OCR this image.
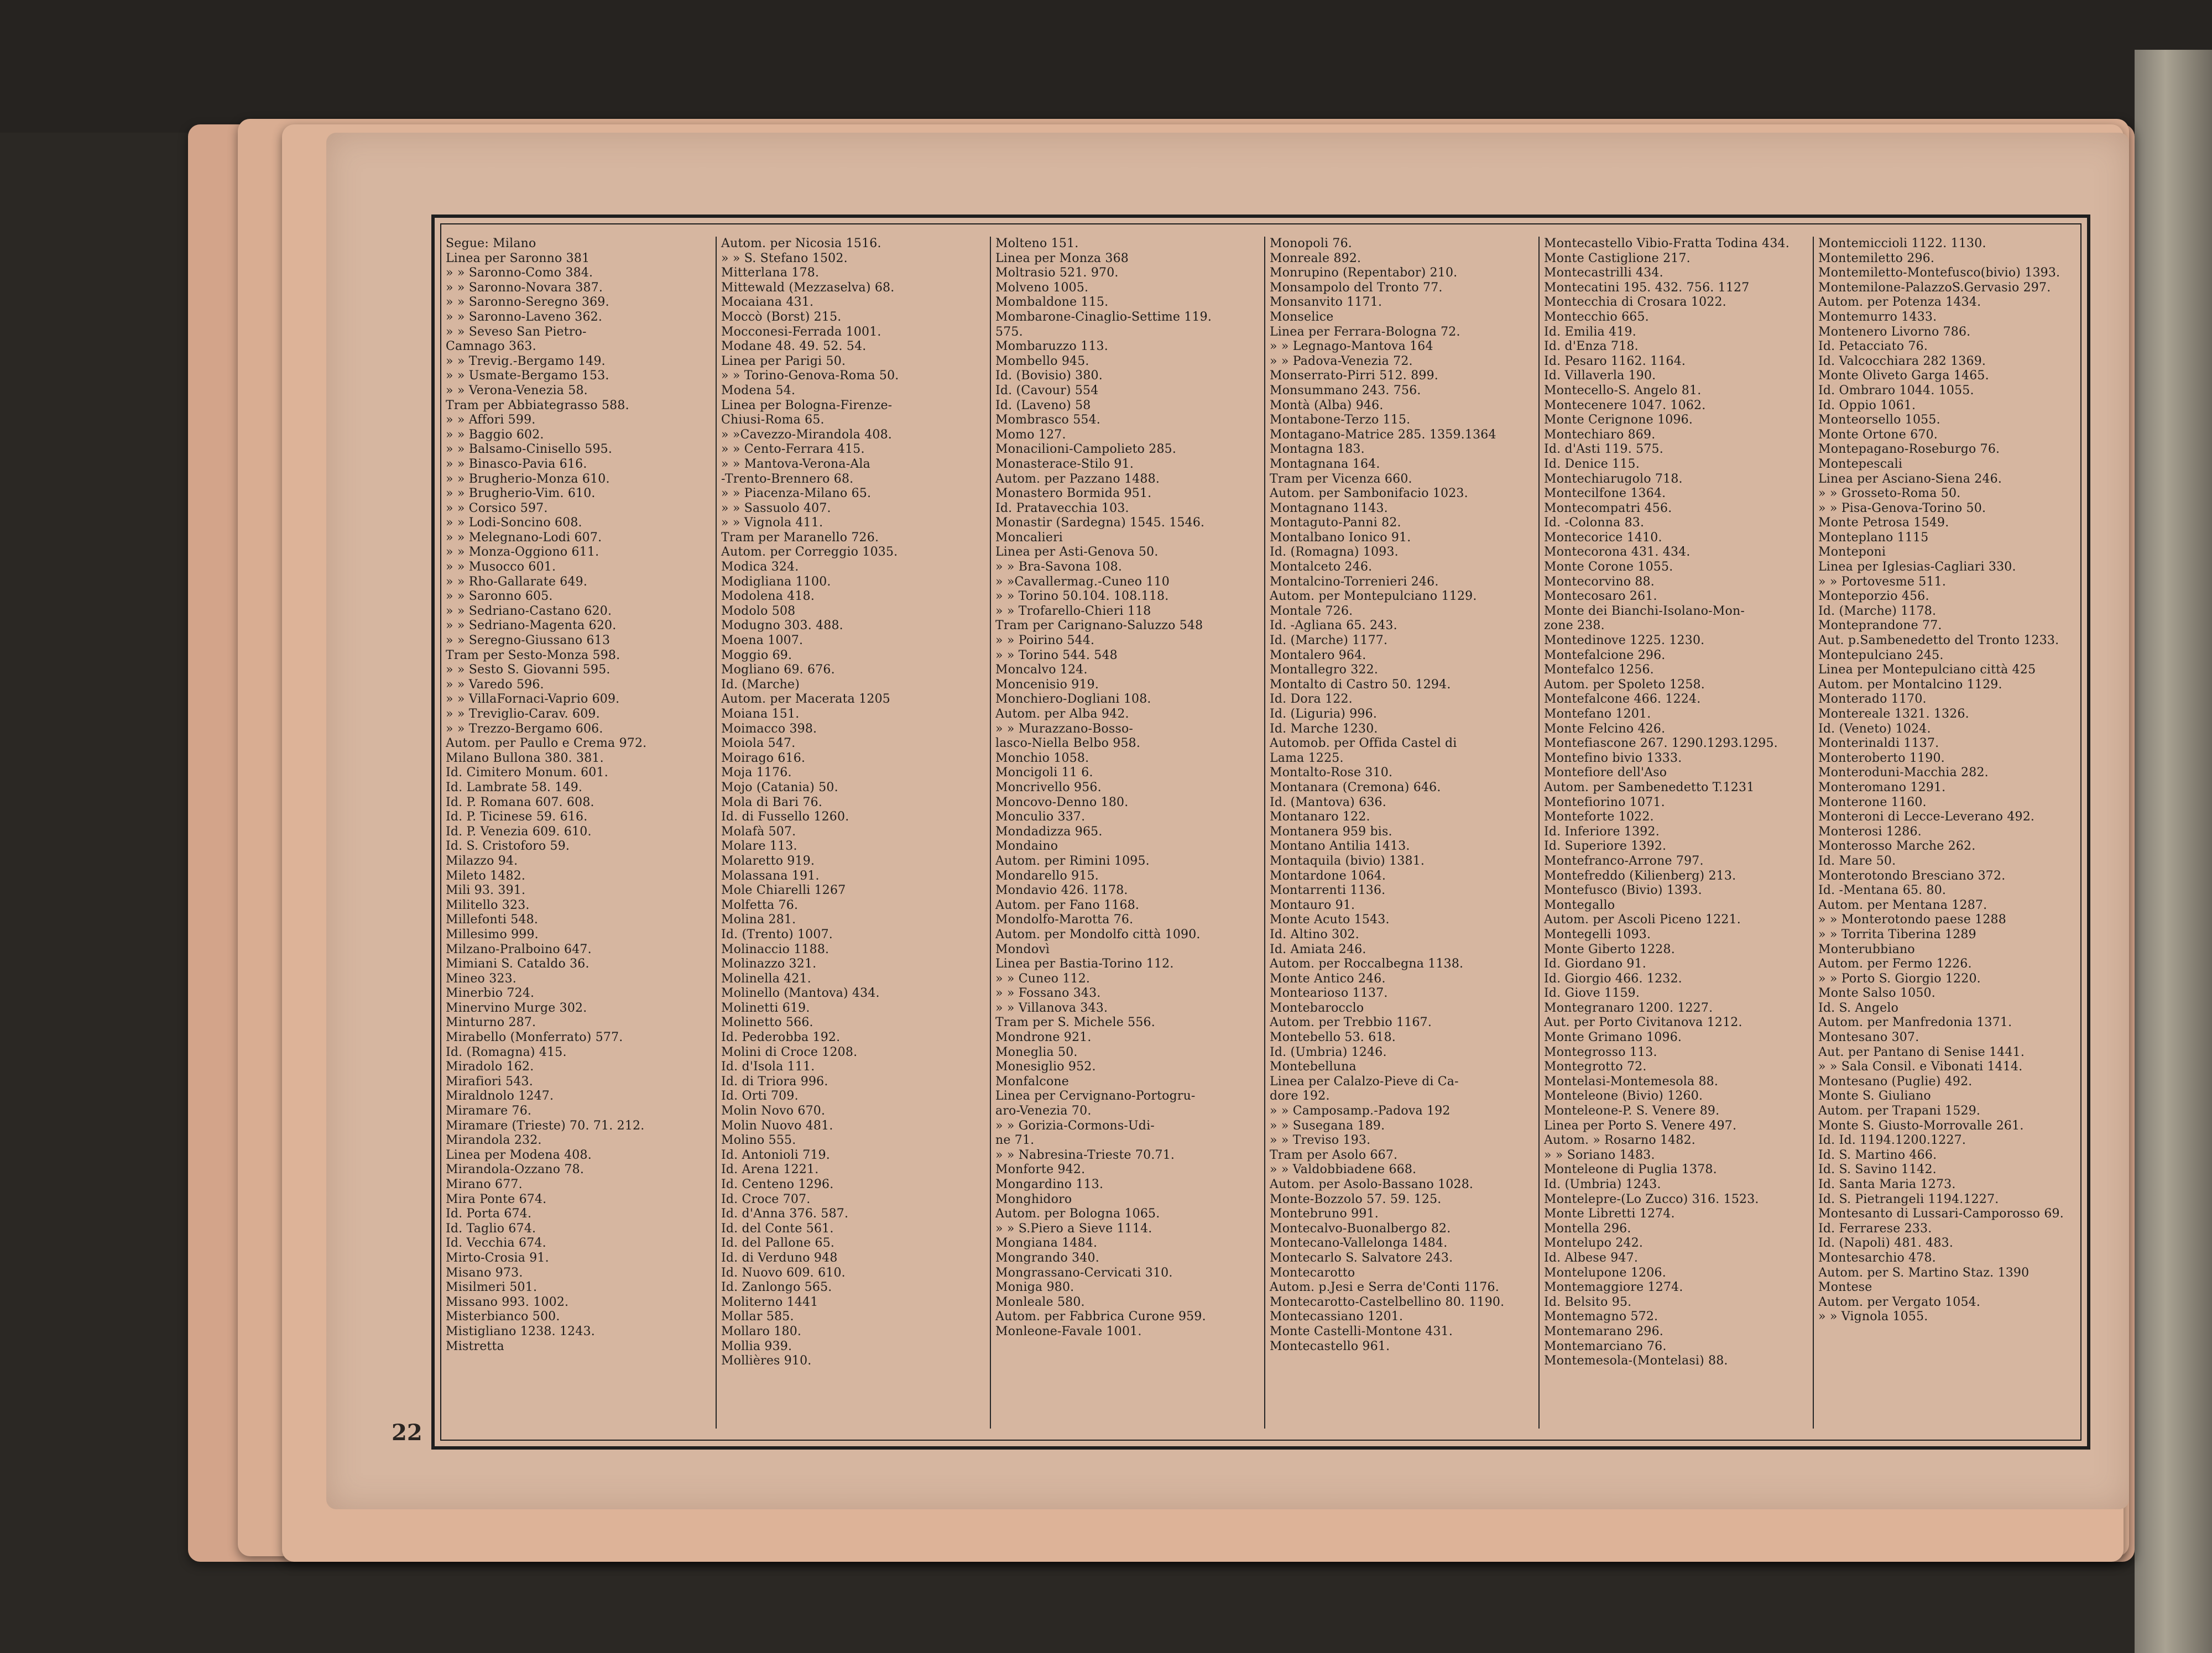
22
Segue: Milano
Linea per Saronno 381
» » Saronno-Como 384.
» » Saronno-Novara 387.
» » Saronno-Seregno 369.
» » Saronno-Laveno 362.
» » Seveso San Pietro-
Camnago 363.
» » Trevig.-Bergamo 149.
» » Usmate-Bergamo 153.
» » Verona-Venezia 58.
Tram per Abbiategrasso 588.
» » Affori 599.
» » Baggio 602.
» » Balsamo-Cinisello 595.
» » Binasco-Pavia 616.
» » Brugherio-Monza 610.
» » Brugherio-Vim. 610.
» » Corsico 597.
» » Lodi-Soncino 608.
» » Melegnano-Lodi 607.
» » Monza-Oggiono 611.
» » Musocco 601.
» » Rho-Gallarate 649.
» » Saronno 605.
» » Sedriano-Castano 620.
» » Sedriano-Magenta 620.
» » Seregno-Giussano 613
Tram per Sesto-Monza 598.
» » Sesto S. Giovanni 595.
» » Varedo 596.
» » VillaFornaci-Vaprio 609.
» » Treviglio-Carav. 609.
» » Trezzo-Bergamo 606.
Autom. per Paullo e Crema 972.
Milano Bullona 380. 381.
Id. Cimitero Monum. 601.
Id. Lambrate 58. 149.
Id. P. Romana 607. 608.
Id. P. Ticinese 59. 616.
Id. P. Venezia 609. 610.
Id. S. Cristoforo 59.
Milazzo 94.
Mileto 1482.
Mili 93. 391.
Militello 323.
Millefonti 548.
Millesimo 999.
Milzano-Pralboino 647.
Mimiani S. Cataldo 36.
Mineo 323.
Minerbio 724.
Minervino Murge 302.
Minturno 287.
Mirabello (Monferrato) 577.
Id. (Romagna) 415.
Miradolo 162.
Mirafiori 543.
Miraldnolo 1247.
Miramare 76.
Miramare (Trieste) 70. 71. 212.
Mirandola 232.
Linea per Modena 408.
Mirandola-Ozzano 78.
Mirano 677.
Mira Ponte 674.
Id. Porta 674.
Id. Taglio 674.
Id. Vecchia 674.
Mirto-Crosia 91.
Misano 973.
Misilmeri 501.
Missano 993. 1002.
Misterbianco 500.
Mistigliano 1238. 1243.
Mistretta
Autom. per Nicosia 1516.
» » S. Stefano 1502.
Mitterlana 178.
Mittewald (Mezzaselva) 68.
Mocaiana 431.
Moccò (Borst) 215.
Mocconesi-Ferrada 1001.
Modane 48. 49. 52. 54.
Linea per Parigi 50.
» » Torino-Genova-Roma 50.
Modena 54.
Linea per Bologna-Firenze-
Chiusi-Roma 65.
» »Cavezzo-Mirandola 408.
» » Cento-Ferrara 415.
» » Mantova-Verona-Ala
-Trento-Brennero 68.
» » Piacenza-Milano 65.
» » Sassuolo 407.
» » Vignola 411.
Tram per Maranello 726.
Autom. per Correggio 1035.
Modica 324.
Modigliana 1100.
Modolena 418.
Modolo 508
Modugno 303. 488.
Moena 1007.
Moggio 69.
Mogliano 69. 676.
Id. (Marche)
Autom. per Macerata 1205
Moiana 151.
Moimacco 398.
Moiola 547.
Moirago 616.
Moja 1176.
Mojo (Catania) 50.
Mola di Bari 76.
Id. di Fussello 1260.
Molafà 507.
Molare 113.
Molaretto 919.
Molassana 191.
Mole Chiarelli 1267
Molfetta 76.
Molina 281.
Id. (Trento) 1007.
Molinaccio 1188.
Molinazzo 321.
Molinella 421.
Molinello (Mantova) 434.
Molinetti 619.
Molinetto 566.
Id. Pederobba 192.
Molini di Croce 1208.
Id. d'Isola 111.
Id. di Triora 996.
Id. Orti 709.
Molin Novo 670.
Molin Nuovo 481.
Molino 555.
Id. Antonioli 719.
Id. Arena 1221.
Id. Centeno 1296.
Id. Croce 707.
Id. d'Anna 376. 587.
Id. del Conte 561.
Id. del Pallone 65.
Id. di Verduno 948
Id. Nuovo 609. 610.
Id. Zanlongo 565.
Moliterno 1441
Mollar 585.
Mollaro 180.
Mollia 939.
Mollières 910.
Molteno 151.
Linea per Monza 368
Moltrasio 521. 970.
Molveno 1005.
Mombaldone 115.
Mombarone-Cinaglio-Settime 119.
575.
Mombaruzzo 113.
Mombello 945.
Id. (Bovisio) 380.
Id. (Cavour) 554
Id. (Laveno) 58
Mombrasco 554.
Momo 127.
Monacilioni-Campolieto 285.
Monasterace-Stilo 91.
Autom. per Pazzano 1488.
Monastero Bormida 951.
Id. Pratavecchia 103.
Monastir (Sardegna) 1545. 1546.
Moncalieri
Linea per Asti-Genova 50.
» » Bra-Savona 108.
» »Cavallermag.-Cuneo 110
» » Torino 50.104. 108.118.
» » Trofarello-Chieri 118
Tram per Carignano-Saluzzo 548
» » Poirino 544.
» » Torino 544. 548
Moncalvo 124.
Moncenisio 919.
Monchiero-Dogliani 108.
Autom. per Alba 942.
» » Murazzano-Bosso-
lasco-Niella Belbo 958.
Monchio 1058.
Moncigoli 11 6.
Moncrivello 956.
Moncovo-Denno 180.
Monculio 337.
Mondadizza 965.
Mondaino
Autom. per Rimini 1095.
Mondarello 915.
Mondavio 426. 1178.
Autom. per Fano 1168.
Mondolfo-Marotta 76.
Autom. per Mondolfo città 1090.
Mondovì
Linea per Bastia-Torino 112.
» » Cuneo 112.
» » Fossano 343.
» » Villanova 343.
Tram per S. Michele 556.
Mondrone 921.
Moneglia 50.
Monesiglio 952.
Monfalcone
Linea per Cervignano-Portogru-
aro-Venezia 70.
» » Gorizia-Cormons-Udi-
ne 71.
» » Nabresina-Trieste 70.71.
Monforte 942.
Mongardino 113.
Monghidoro
Autom. per Bologna 1065.
» » S.Piero a Sieve 1114.
Mongiana 1484.
Mongrando 340.
Mongrassano-Cervicati 310.
Moniga 980.
Monleale 580.
Autom. per Fabbrica Curone 959.
Monleone-Favale 1001.
Monopoli 76.
Monreale 892.
Monrupino (Repentabor) 210.
Monsampolo del Tronto 77.
Monsanvito 1171.
Monselice
Linea per Ferrara-Bologna 72.
» » Legnago-Mantova 164
» » Padova-Venezia 72.
Monserrato-Pirri 512. 899.
Monsummano 243. 756.
Montà (Alba) 946.
Montabone-Terzo 115.
Montagano-Matrice 285. 1359.1364
Montagna 183.
Montagnana 164.
Tram per Vicenza 660.
Autom. per Sambonifacio 1023.
Montagnano 1143.
Montaguto-Panni 82.
Montalbano Ionico 91.
Id. (Romagna) 1093.
Montalceto 246.
Montalcino-Torrenieri 246.
Autom. per Montepulciano 1129.
Montale 726.
Id. -Agliana 65. 243.
Id. (Marche) 1177.
Montalero 964.
Montallegro 322.
Montalto di Castro 50. 1294.
Id. Dora 122.
Id. (Liguria) 996.
Id. Marche 1230.
Automob. per Offida Castel di
Lama 1225.
Montalto-Rose 310.
Montanara (Cremona) 646.
Id. (Mantova) 636.
Montanaro 122.
Montanera 959 bis.
Montano Antilia 1413.
Montaquila (bivio) 1381.
Montardone 1064.
Montarrenti 1136.
Montauro 91.
Monte Acuto 1543.
Id. Altino 302.
Id. Amiata 246.
Autom. per Roccalbegna 1138.
Monte Antico 246.
Montearioso 1137.
Montebarocclo
Autom. per Trebbio 1167.
Montebello 53. 618.
Id. (Umbria) 1246.
Montebelluna
Linea per Calalzo-Pieve di Ca-
dore 192.
» » Camposamp.-Padova 192
» » Susegana 189.
» » Treviso 193.
Tram per Asolo 667.
» » Valdobbiadene 668.
Autom. per Asolo-Bassano 1028.
Monte-Bozzolo 57. 59. 125.
Montebruno 991.
Montecalvo-Buonalbergo 82.
Montecano-Vallelonga 1484.
Montecarlo S. Salvatore 243.
Montecarotto
Autom. p.Jesi e Serra de'Conti 1176.
Montecarotto-Castelbellino 80. 1190.
Montecassiano 1201.
Monte Castelli-Montone 431.
Montecastello 961.
Montecastello Vibio-Fratta Todina 434.
Monte Castiglione 217.
Montecastrilli 434.
Montecatini 195. 432. 756. 1127
Montecchia di Crosara 1022.
Montecchio 665.
Id. Emilia 419.
Id. d'Enza 718.
Id. Pesaro 1162. 1164.
Id. Villaverla 190.
Montecello-S. Angelo 81.
Montecenere 1047. 1062.
Monte Cerignone 1096.
Montechiaro 869.
Id. d'Asti 119. 575.
Id. Denice 115.
Montechiarugolo 718.
Montecilfone 1364.
Montecompatri 456.
Id. -Colonna 83.
Montecorice 1410.
Montecorona 431. 434.
Monte Corone 1055.
Montecorvino 88.
Montecosaro 261.
Monte dei Bianchi-Isolano-Mon-
zone 238.
Montedinove 1225. 1230.
Montefalcione 296.
Montefalco 1256.
Autom. per Spoleto 1258.
Montefalcone 466. 1224.
Montefano 1201.
Monte Felcino 426.
Montefiascone 267. 1290.1293.1295.
Montefino bivio 1333.
Montefiore dell'Aso
Autom. per Sambenedetto T.1231
Montefiorino 1071.
Monteforte 1022.
Id. Inferiore 1392.
Id. Superiore 1392.
Montefranco-Arrone 797.
Montefreddo (Kilienberg) 213.
Montefusco (Bivio) 1393.
Montegallo
Autom. per Ascoli Piceno 1221.
Montegelli 1093.
Monte Giberto 1228.
Id. Giordano 91.
Id. Giorgio 466. 1232.
Id. Giove 1159.
Montegranaro 1200. 1227.
Aut. per Porto Civitanova 1212.
Monte Grimano 1096.
Montegrosso 113.
Montegrotto 72.
Montelasi-Montemesola 88.
Monteleone (Bivio) 1260.
Monteleone-P. S. Venere 89.
Linea per Porto S. Venere 497.
Autom. » Rosarno 1482.
» » Soriano 1483.
Monteleone di Puglia 1378.
Id. (Umbria) 1243.
Montelepre-(Lo Zucco) 316. 1523.
Monte Libretti 1274.
Montella 296.
Montelupo 242.
Id. Albese 947.
Montelupone 1206.
Montemaggiore 1274.
Id. Belsito 95.
Montemagno 572.
Montemarano 296.
Montemarciano 76.
Montemesola-(Montelasi) 88.
Montemiccioli 1122. 1130.
Montemiletto 296.
Montemiletto-Montefusco(bivio) 1393.
Montemilone-PalazzoS.Gervasio 297.
Autom. per Potenza 1434.
Montemurro 1433.
Montenero Livorno 786.
Id. Petacciato 76.
Id. Valcocchiara 282 1369.
Monte Oliveto Garga 1465.
Id. Ombraro 1044. 1055.
Id. Oppio 1061.
Monteorsello 1055.
Monte Ortone 670.
Montepagano-Roseburgo 76.
Montepescali
Linea per Asciano-Siena 246.
» » Grosseto-Roma 50.
» » Pisa-Genova-Torino 50.
Monte Petrosa 1549.
Monteplano 1115
Monteponi
Linea per Iglesias-Cagliari 330.
» » Portovesme 511.
Monteporzio 456.
Id. (Marche) 1178.
Monteprandone 77.
Aut. p.Sambenedetto del Tronto 1233.
Montepulciano 245.
Linea per Montepulciano città 425
Autom. per Montalcino 1129.
Monterado 1170.
Montereale 1321. 1326.
Id. (Veneto) 1024.
Monterinaldi 1137.
Monteroberto 1190.
Monteroduni-Macchia 282.
Monteromano 1291.
Monterone 1160.
Monteroni di Lecce-Leverano 492.
Monterosi 1286.
Monterosso Marche 262.
Id. Mare 50.
Monterotondo Bresciano 372.
Id. -Mentana 65. 80.
Autom. per Mentana 1287.
» » Monterotondo paese 1288
» » Torrita Tiberina 1289
Monterubbiano
Autom. per Fermo 1226.
» » Porto S. Giorgio 1220.
Monte Salso 1050.
Id. S. Angelo
Autom. per Manfredonia 1371.
Montesano 307.
Aut. per Pantano di Senise 1441.
» » Sala Consil. e Vibonati 1414.
Montesano (Puglie) 492.
Monte S. Giuliano
Autom. per Trapani 1529.
Monte S. Giusto-Morrovalle 261.
Id. Id. 1194.1200.1227.
Id. S. Martino 466.
Id. S. Savino 1142.
Id. Santa Maria 1273.
Id. S. Pietrangeli 1194.1227.
Montesanto di Lussari-Camporosso 69.
Id. Ferrarese 233.
Id. (Napoli) 481. 483.
Montesarchio 478.
Autom. per S. Martino Staz. 1390
Montese
Autom. per Vergato 1054.
» » Vignola 1055.
